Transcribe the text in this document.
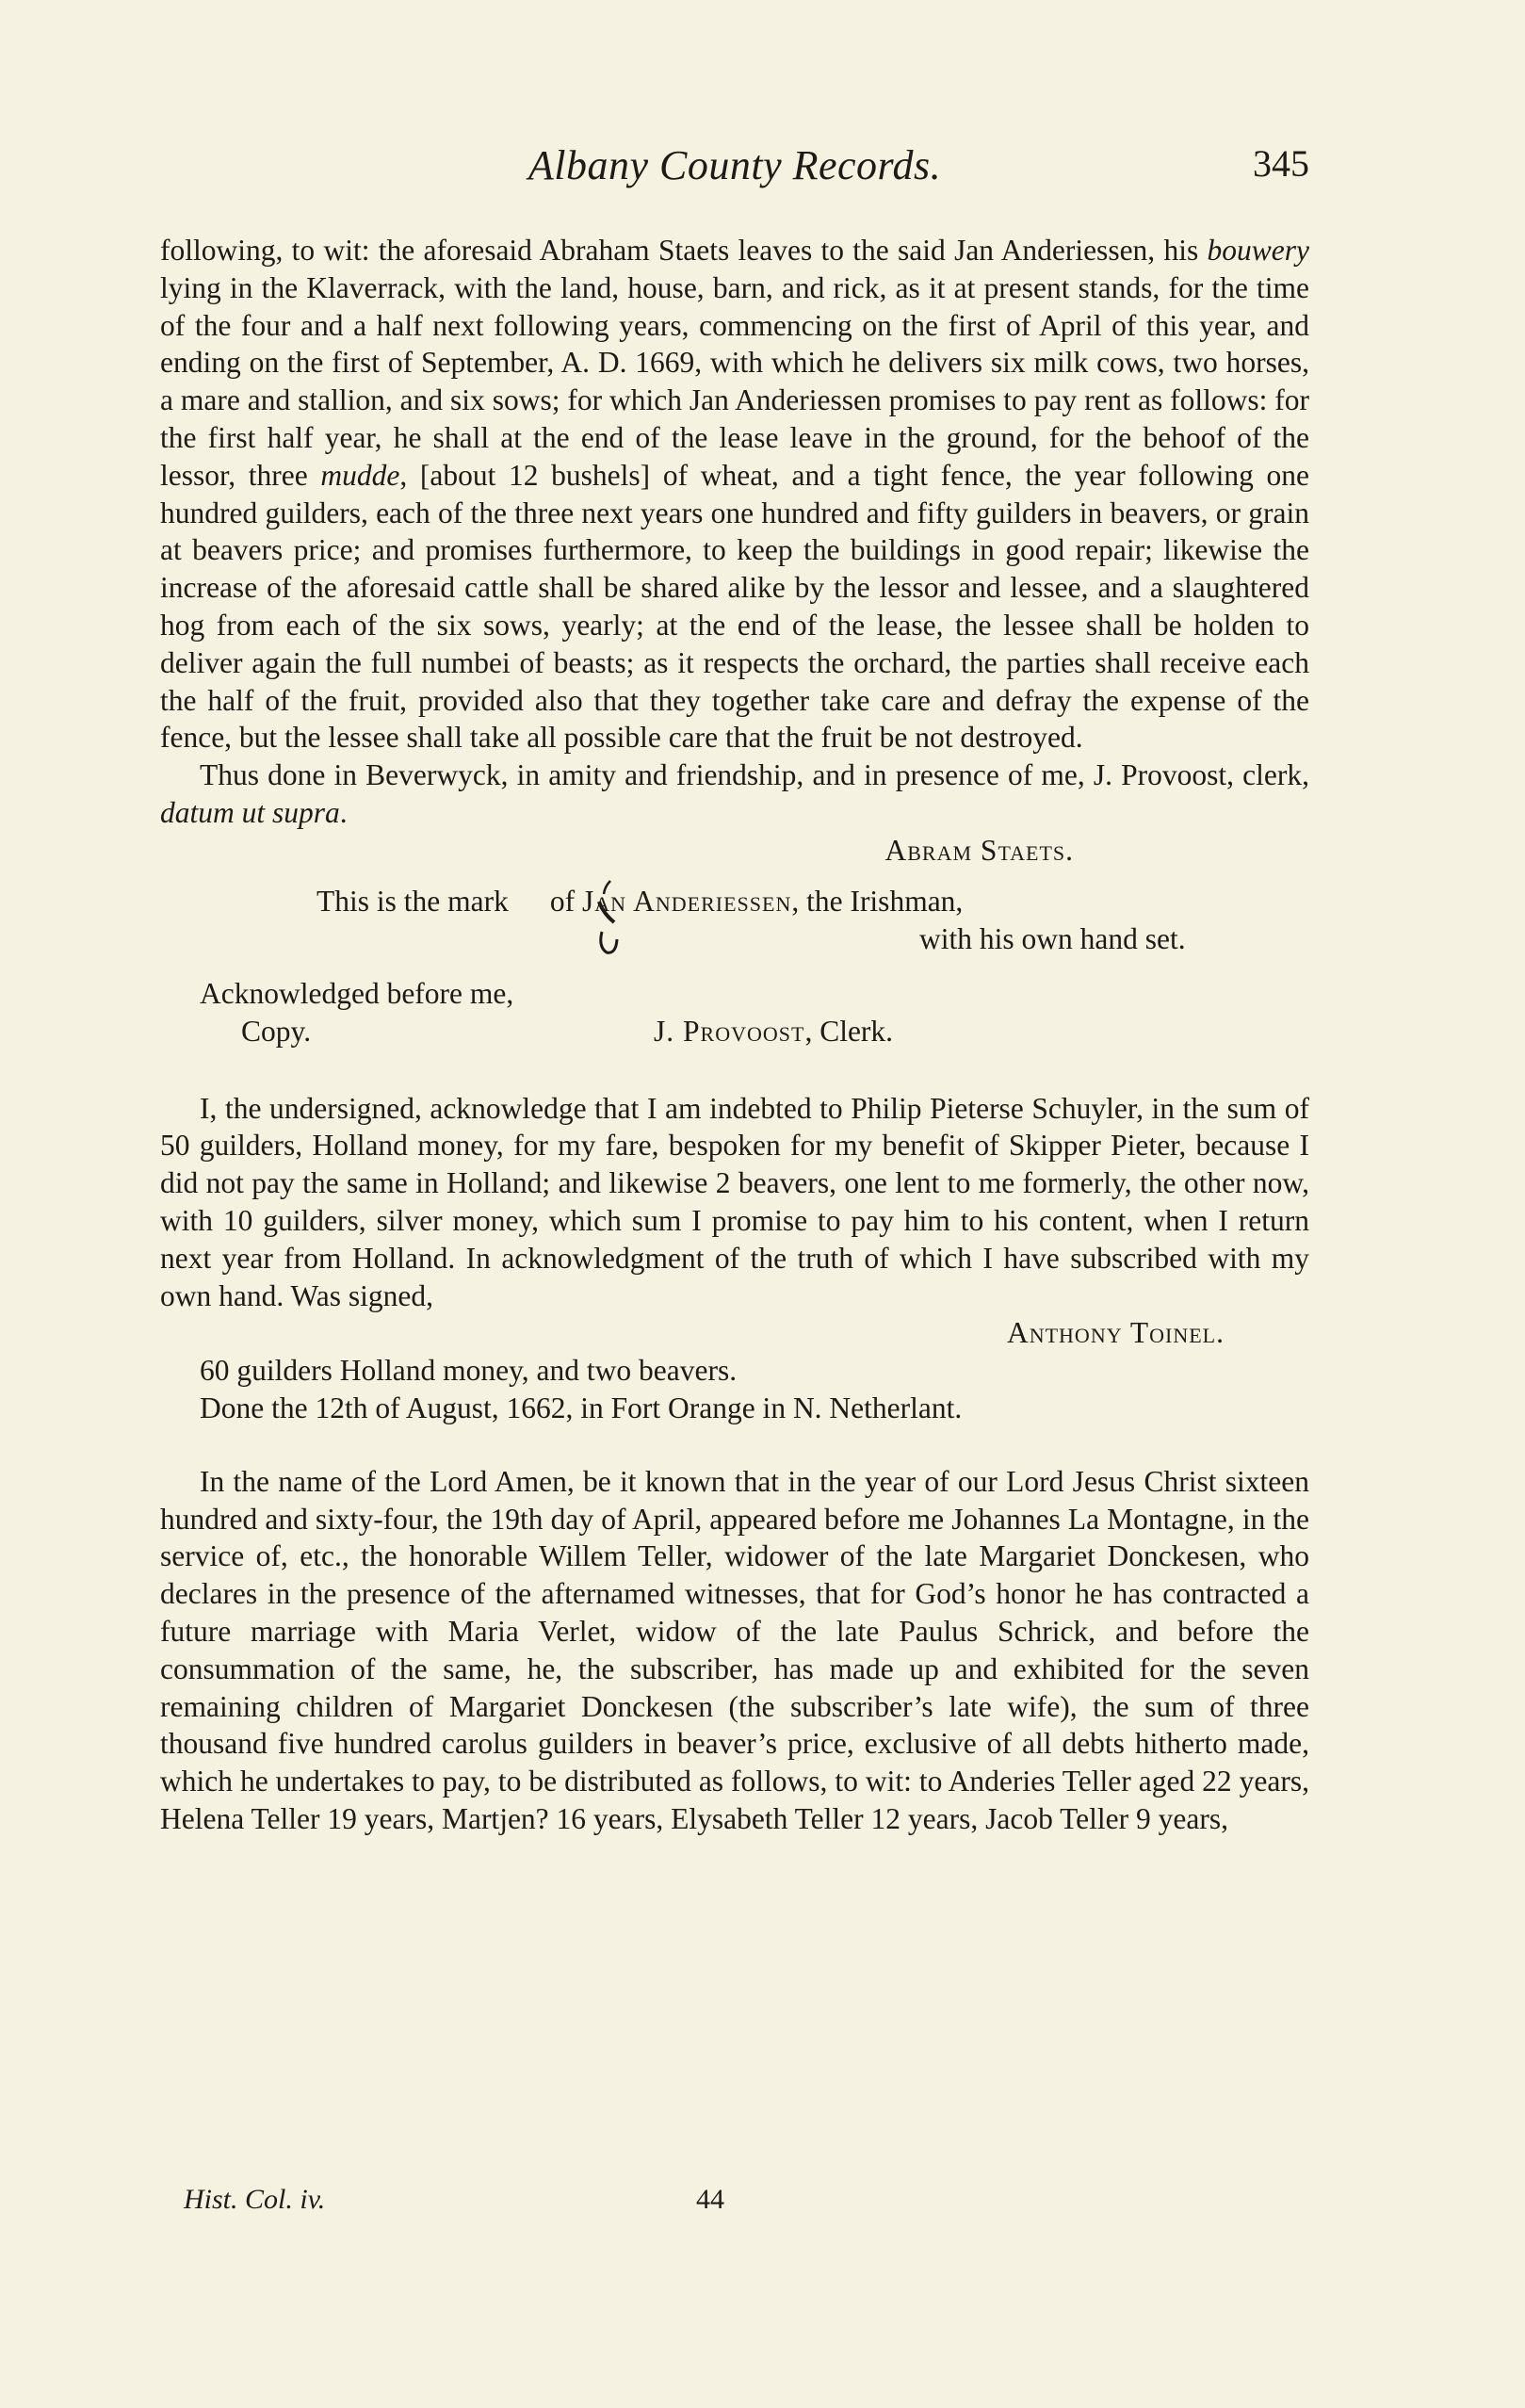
Albany County Records.	345

following, to wit: the aforesaid Abraham Staets leaves to the said Jan Anderiessen, his bouwery lying in the Klaverrack, with the land, house, barn, and rick, as it at present stands, for the time of the four and a half next following years, commencing on the first of April of this year, and ending on the first of September, A. D. 1669, with which he delivers six milk cows, two horses, a mare and stallion, and six sows; for which Jan Anderiessen promises to pay rent as follows: for the first half year, he shall at the end of the lease leave in the ground, for the behoof of the lessor, three mudde, [about 12 bushels] of wheat, and a tight fence, the year following one hundred guilders, each of the three next years one hundred and fifty guilders in beavers, or grain at beavers price; and promises furthermore, to keep the buildings in good repair; likewise the increase of the aforesaid cattle shall be shared alike by the lessor and lessee, and a slaughtered hog from each of the six sows, yearly; at the end of the lease, the lessee shall be holden to deliver again the full numbei of beasts; as it respects the orchard, the parties shall receive each the half of the fruit, provided also that they together take care and defray the expense of the fence, but the lessee shall take all possible care that the fruit be not destroyed.

Thus done in Beverwyck, in amity and friendship, and in presence of me, J. Provoost, clerk, datum ut supra.

Abram Staets.

This is the mark of Jan Anderiessen, the Irishman,
with his own hand set.
Acknowledged before me,
Copy.	J. Provoost, Clerk.

I, the undersigned, acknowledge that I am indebted to Philip Pieterse Schuyler, in the sum of 50 guilders, Holland money, for my fare, bespoken for my benefit of Skipper Pieter, because I did not pay the same in Holland; and likewise 2 beavers, one lent to me formerly, the other now, with 10 guilders, silver money, which sum I promise to pay him to his content, when I return next year from Holland. In acknowledgment of the truth of which I have subscribed with my own hand. Was signed,

Anthony Toinel.

60 guilders Holland money, and two beavers.

Done the 12th of August, 1662, in Fort Orange in N. Netherlant.

In the name of the Lord Amen, be it known that in the year of our Lord Jesus Christ sixteen hundred and sixty-four, the 19th day of April, appeared before me Johannes La Montagne, in the service of, etc., the honorable Willem Teller, widower of the late Margariet Donckesen, who declares in the presence of the afternamed witnesses, that for God’s honor he has contracted a future marriage with Maria Verlet, widow of the late Paulus Schrick, and before the consummation of the same, he, the subscriber, has made up and exhibited for the seven remaining children of Margariet Donckesen (the subscriber’s late wife), the sum of three thousand five hundred carolus guilders in beaver’s price, exclusive of all debts hitherto made, which he undertakes to pay, to be distributed as follows, to wit: to Anderies Teller aged 22 years, Helena Teller 19 years, Martjen? 16 years, Elysabeth Teller 12 years, Jacob Teller 9 years,

Hist. Col. iv.	44
